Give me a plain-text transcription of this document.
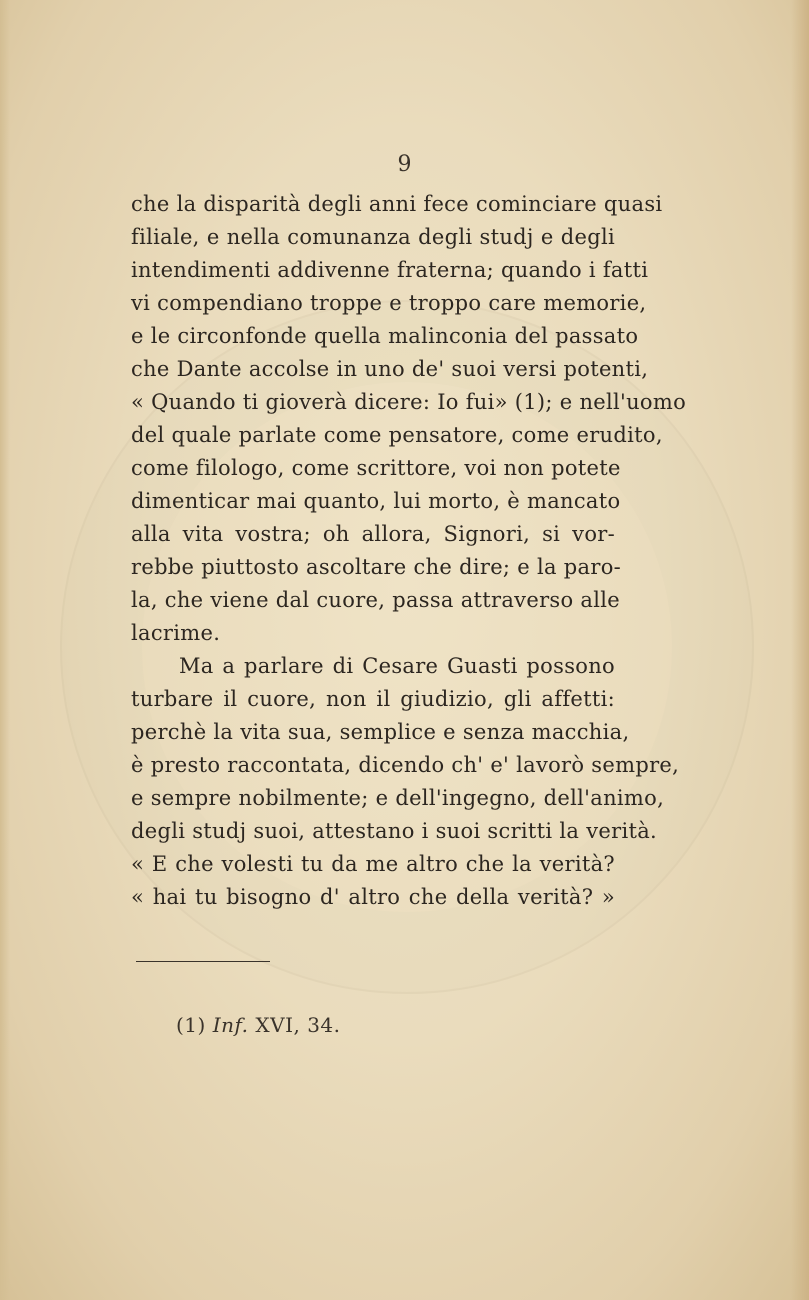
9
che la disparità degli anni fece cominciare quasi
filiale, e nella comunanza degli studj e degli
intendimenti addivenne fraterna; quando i fatti
vi compendiano troppe e troppo care memorie,
e le circonfonde quella malinconia del passato
che Dante accolse in uno de' suoi versi potenti,
« Quando ti gioverà dicere: Io fui» (1); e nell'uomo
del quale parlate come pensatore, come erudito,
come filologo, come scrittore, voi non potete
dimenticar mai quanto, lui morto, è mancato
alla vita vostra; oh allora, Signori, si vor-
rebbe piuttosto ascoltare che dire; e la paro-
la, che viene dal cuore, passa attraverso alle
lacrime.
Ma a parlare di Cesare Guasti possono
turbare il cuore, non il giudizio, gli affetti:
perchè la vita sua, semplice e senza macchia,
è presto raccontata, dicendo ch' e' lavorò sempre,
e sempre nobilmente; e dell'ingegno, dell'animo,
degli studj suoi, attestano i suoi scritti la verità.
« E che volesti tu da me altro che la verità?
« hai tu bisogno d' altro che della verità? »
(1) Inf. XVI, 34.
